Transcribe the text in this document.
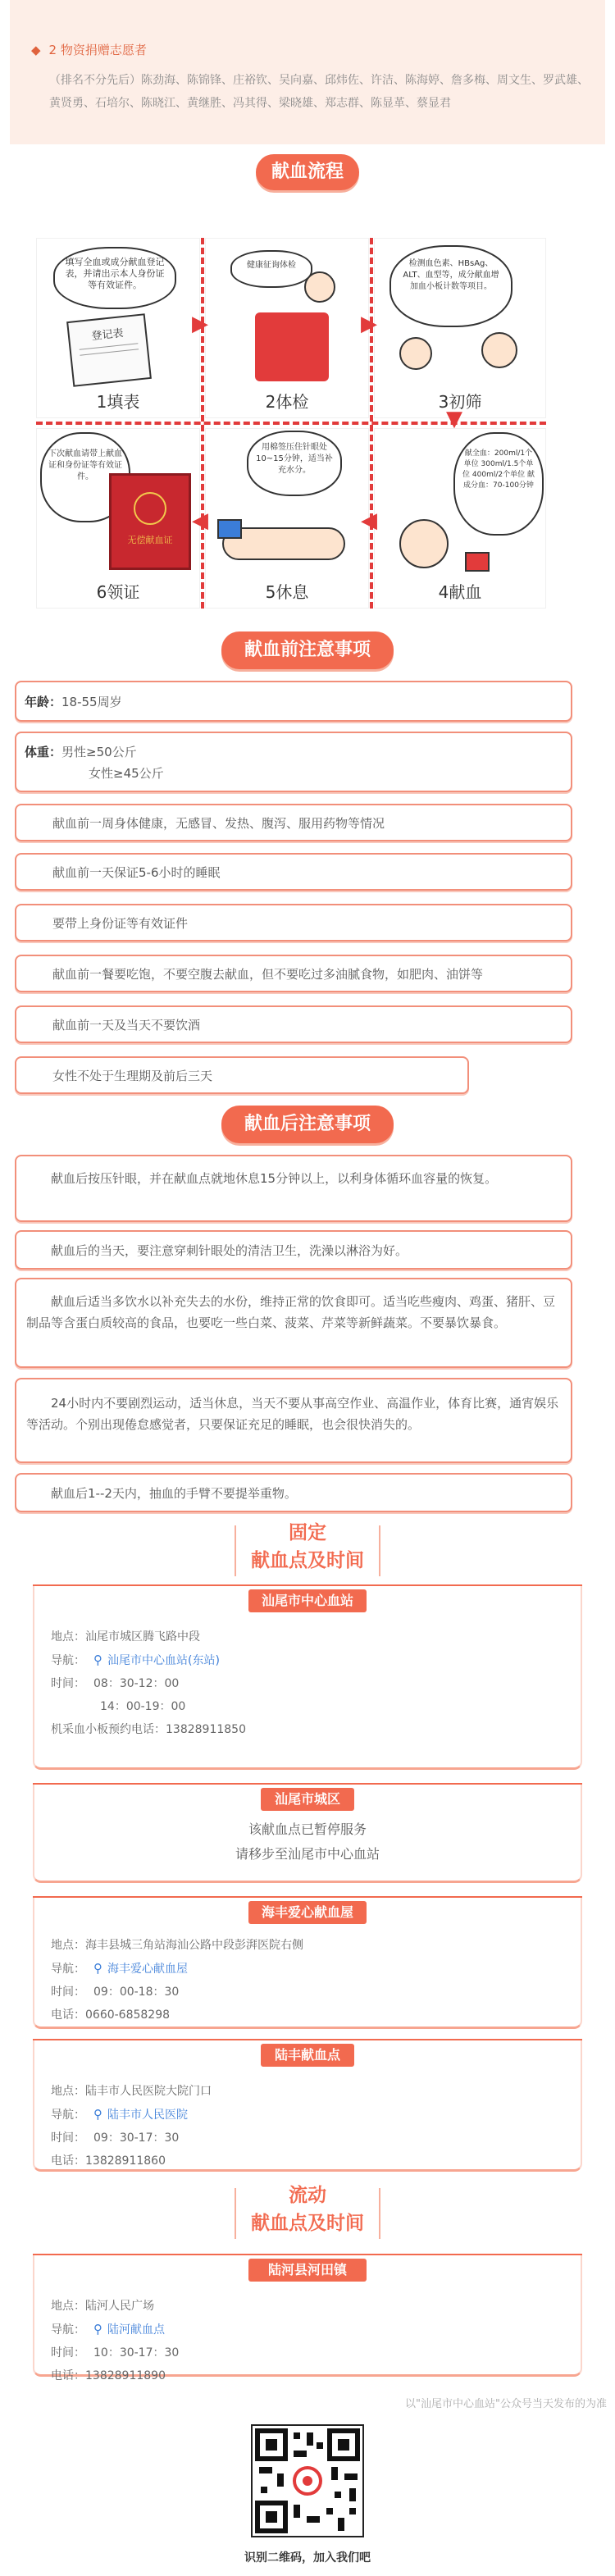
◆ 2 物资捐赠志愿者
（排名不分先后）陈劲海、陈锦锋、庄裕钦、吴向嘉、邱炜佐、许洁、陈海婷、詹多梅、周文生、罗武雄、黄贤勇、石培尔、陈晓江、黄继胜、冯其得、梁晓雄、郑志群、陈显革、蔡显君
献血流程
填写全血或成分献血登记表，并请出示本人身份证等有效证件。
登记表
1填表
健康征询体检
2体检
检测血色素、HBsAg、ALT、血型等，成分献血增加血小板计数等项目。
3初筛
下次献血请带上献血证和身份证等有效证件。
无偿献血证
6领证
用棉签压住针眼处10~15分钟，适当补充水分。
5休息
献全血：200ml/1个单位 300ml/1.5个单位 400ml/2个单位 献成分血：70-100分钟
4献血
▶	▶
▼
◀
◀
献血前注意事项
年龄：18-55周岁
体重：男性≥50公斤
女性≥45公斤
献血前一周身体健康，无感冒、发热、腹泻、服用药物等情况
献血前一天保证5-6小时的睡眠
要带上身份证等有效证件
献血前一餐要吃饱，不要空腹去献血，但不要吃过多油腻食物，如肥肉、油饼等
献血前一天及当天不要饮酒
女性不处于生理期及前后三天
献血后注意事项
献血后按压针眼，并在献血点就地休息15分钟以上，以利身体循环血容量的恢复。
献血后的当天，要注意穿刺针眼处的清洁卫生，洗澡以淋浴为好。
献血后适当多饮水以补充失去的水份，维持正常的饮食即可。适当吃些瘦肉、鸡蛋、猪肝、豆制品等含蛋白质较高的食品，也要吃一些白菜、菠菜、芹菜等新鲜蔬菜。不要暴饮暴食。
24小时内不要剧烈运动，适当休息，当天不要从事高空作业、高温作业，体育比赛，通宵娱乐等活动。个别出现倦怠感觉者，只要保证充足的睡眠，也会很快消失的。
献血后1--2天内，抽血的手臂不要提举重物。
固定
献血点及时间
汕尾市中心血站
地点：汕尾市城区腾飞路中段
导航： ⚲ 汕尾市中心血站(东站)
时间： 08：30-12：00
14：00-19：00
机采血小板预约电话：13828911850
汕尾市城区
该献血点已暂停服务
请移步至汕尾市中心血站
海丰爱心献血屋
地点：海丰县城三角站海汕公路中段彭湃医院右侧
导航： ⚲ 海丰爱心献血屋
时间： 09：00-18：30
电话：0660-6858298
陆丰献血点
地点：陆丰市人民医院大院门口
导航： ⚲ 陆丰市人民医院
时间： 09：30-17：30
电话：13828911860
流动
献血点及时间
陆河县河田镇
地点：陆河人民广场
导航： ⚲ 陆河献血点
时间： 10：30-17：30
电话：13828911890
以"汕尾市中心血站"公众号当天发布的为准
识别二维码，加入我们吧
